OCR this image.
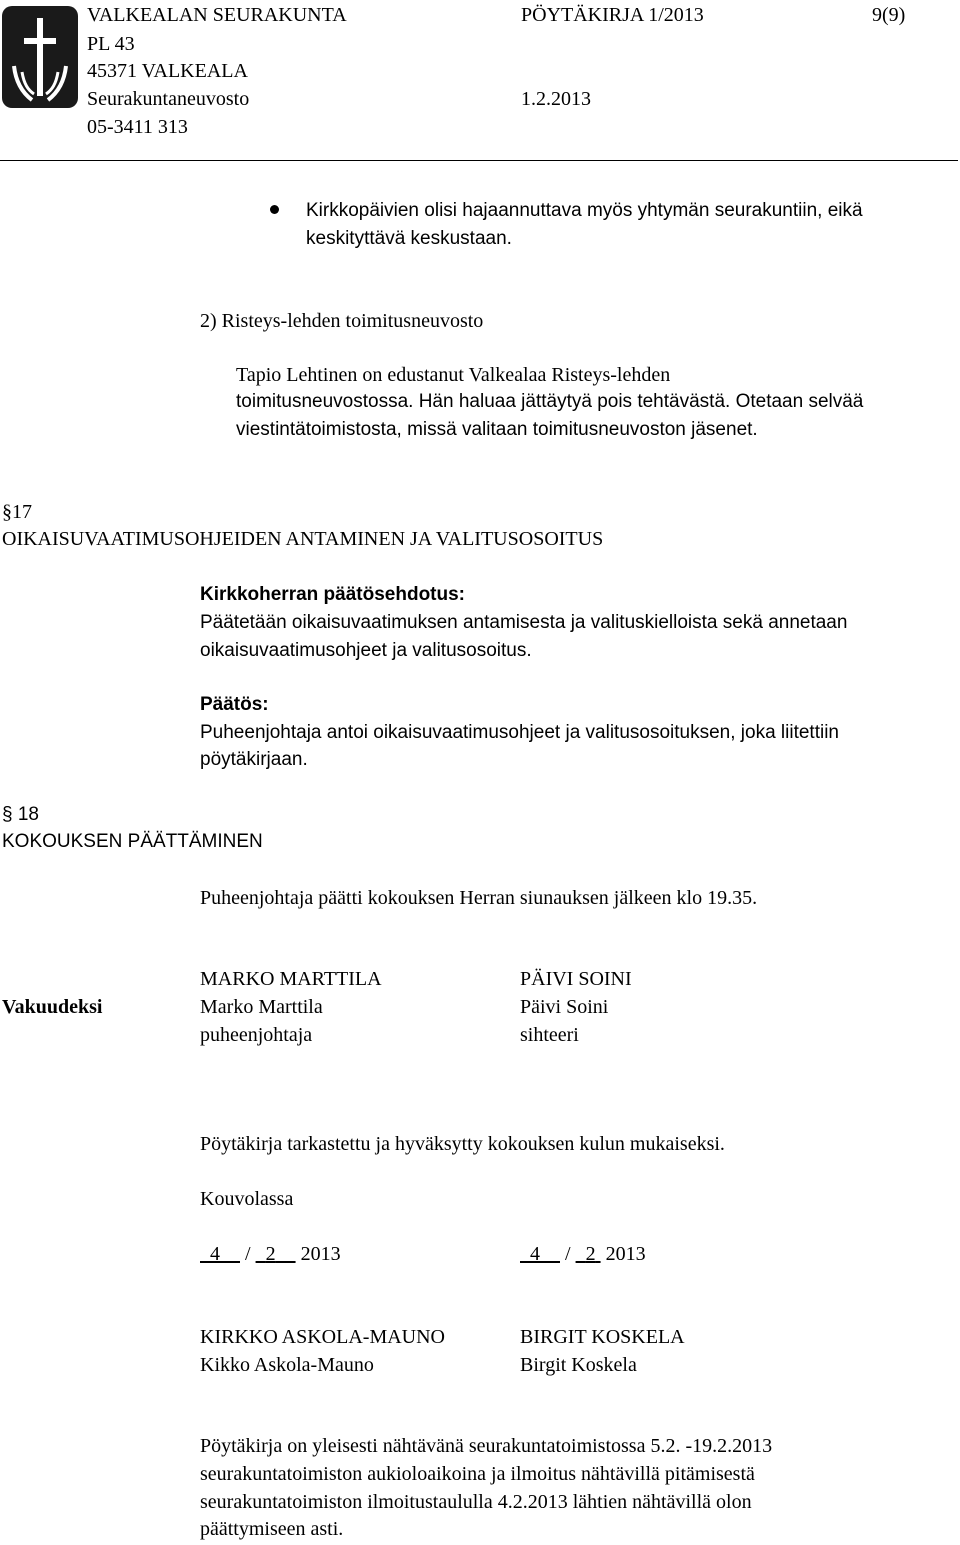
VALKEALAN SEURAKUNTA	PÖYTÄKIRJA 1/2013	9(9)
PL 43
45371 VALKEALA
Seurakuntaneuvosto	1.2.2013
05-3411 313
Kirkkopäivien olisi hajaannuttava myös yhtymän seurakuntiin, eikä
keskityttävä keskustaan.
2) Risteys-lehden toimitusneuvosto
Tapio Lehtinen on edustanut Valkealaa Risteys-lehden
toimitusneuvostossa. Hän haluaa jättäytyä pois tehtävästä. Otetaan selvää
viestintätoimistosta, missä valitaan toimitusneuvoston jäsenet.
§17
OIKAISUVAATIMUSOHJEIDEN ANTAMINEN JA VALITUSOSOITUS
Kirkkoherran päätösehdotus:
Päätetään oikaisuvaatimuksen antamisesta ja valituskielloista sekä annetaan
oikaisuvaatimusohjeet ja valitusosoitus.
Päätös:
Puheenjohtaja antoi oikaisuvaatimusohjeet ja valitusosoituksen, joka liitettiin
pöytäkirjaan.
§ 18
KOKOUKSEN PÄÄTTÄMINEN
Puheenjohtaja päätti kokouksen Herran siunauksen jälkeen klo 19.35.
MARKO MARTTILA	PÄIVI SOINI
Vakuudeksi	Marko Marttila	Päivi Soini
puheenjohtaja	sihteeri
Pöytäkirja tarkastettu ja hyväksytty kokouksen kulun mukaiseksi.
Kouvolassa
4     /   2 2013	4     /   2 2013
KIRKKO ASKOLA-MAUNO	BIRGIT KOSKELA
Kikko Askola-Mauno	Birgit Koskela
Pöytäkirja on yleisesti nähtävänä seurakuntatoimistossa 5.2. -19.2.2013
seurakuntatoimiston aukioloaikoina ja ilmoitus nähtävillä pitämisestä
seurakuntatoimiston ilmoitustaululla 4.2.2013 lähtien nähtävillä olon
päättymiseen asti.
